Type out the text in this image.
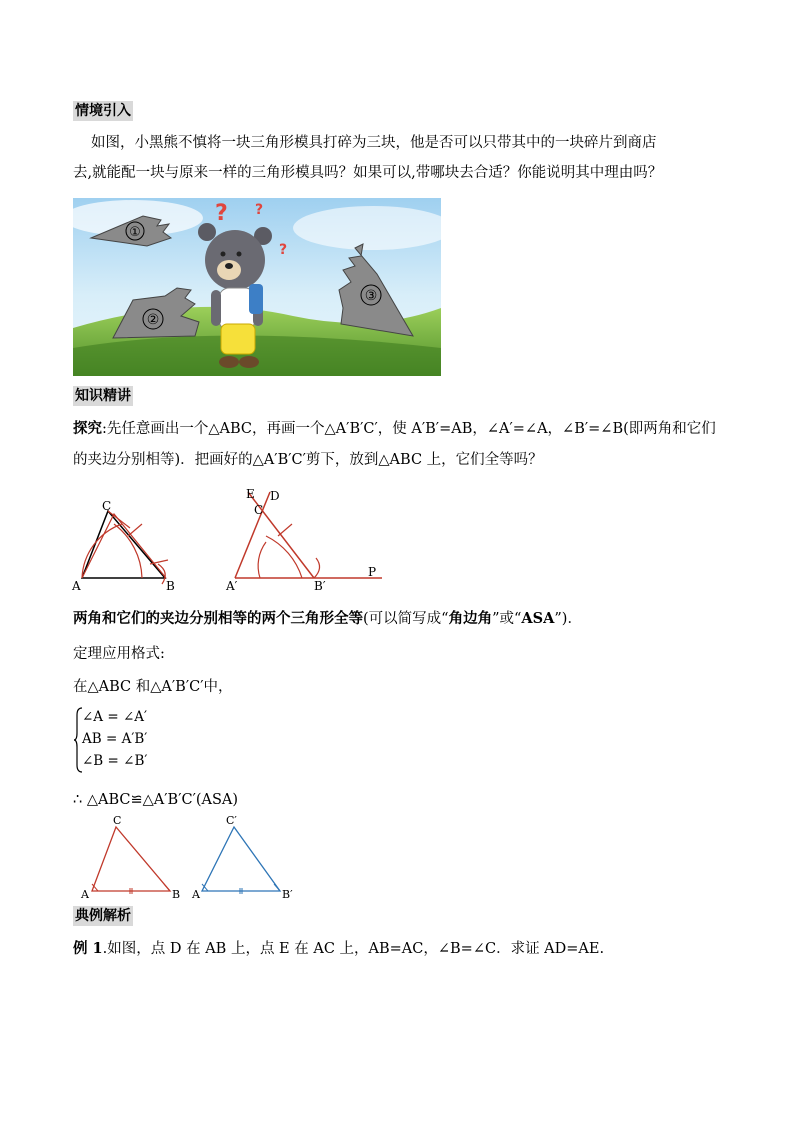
情境引入
如图，小黑熊不慎将一块三角形模具打碎为三块，他是否可以只带其中的一块碎片到商店
去,就能配一块与原来一样的三角形模具吗？如果可以,带哪块去合适？你能说明其中理由吗？
①
②
③
? ?
?
知识精讲
探究:先任意画出一个△ABC，再画一个△A′B′C′，使 A′B′=AB，∠A′=∠A，∠B′=∠B(即两角和它们
的夹边分别相等)．把画好的△A′B′C′剪下，放到△ABC 上，它们全等吗？
A	B
C
A′	B′
C
D
E
P
两角和它们的夹边分别相等的两个三角形全等(可以简写成“角边角”或“ASA”)．
定理应用格式:
在△ABC 和△A′B′C′中，
∠A = ∠A′
AB = A′B′
∠B = ∠B′
∴ △ABC≌△A′B′C′(ASA)
A	B
C
A	B′
C′
典例解析
例 1.如图，点 D 在 AB 上，点 E 在 AC 上，AB=AC，∠B=∠C．求证 AD=AE.
